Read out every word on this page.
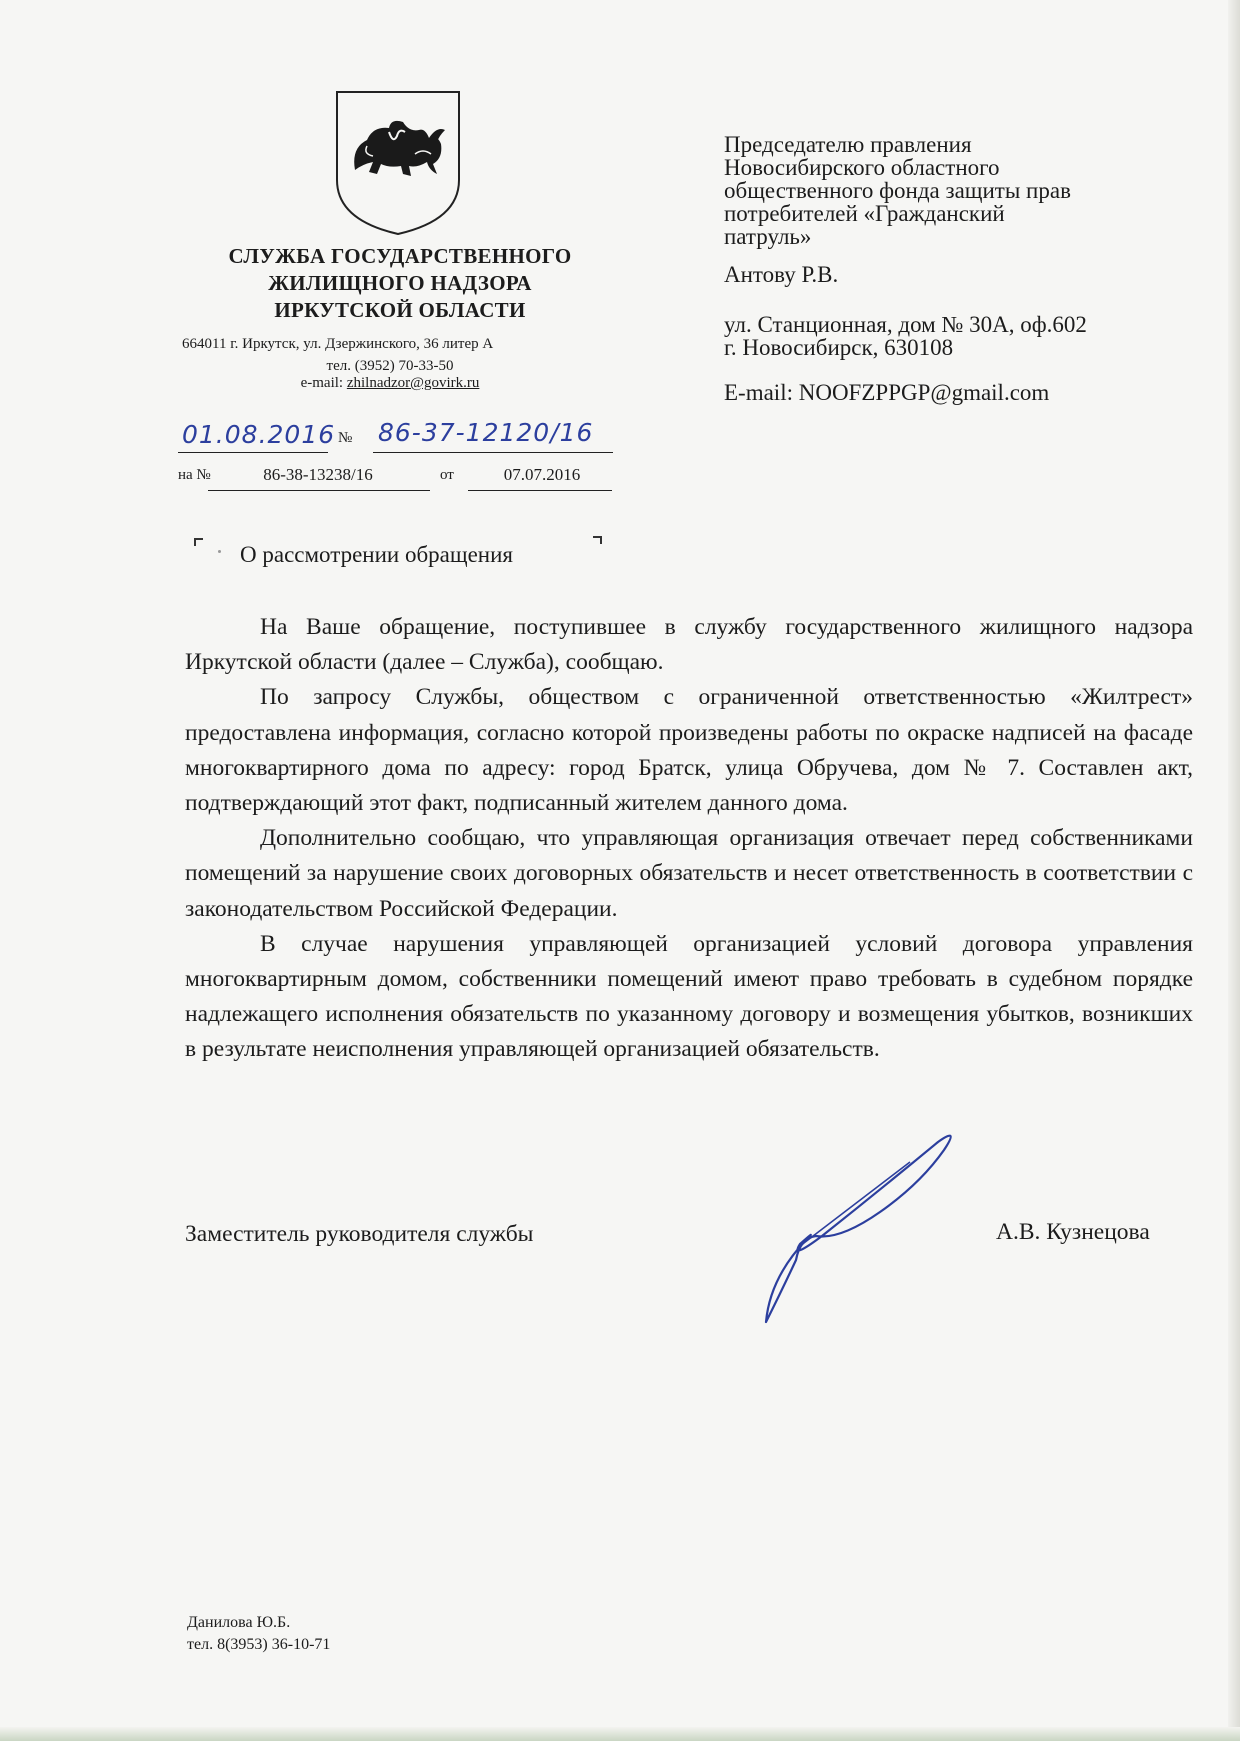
СЛУЖБА ГОСУДАРСТВЕННОГО
ЖИЛИЩНОГО НАДЗОРА
ИРКУТСКОЙ ОБЛАСТИ
664011 г. Иркутск, ул. Дзержинского, 36 литер А
тел. (3952) 70-33-50
e-mail: zhilnadzor@govirk.ru
01.08.2016 № 86-37-12120/16
на №	86-38-13238/16	от	07.07.2016
Председателю правления
Новосибирского областного
общественного фонда защиты прав
потребителей «Гражданский
патруль»
Антову Р.В.
ул. Станционная, дом № 30А, оф.602
г. Новосибирск, 630108
E-mail: NOOFZPPGP@gmail.com
О рассмотрении обращения

На Ваше обращение, поступившее в службу государственного жилищного надзора Иркутской области (далее – Служба), сообщаю.

По запросу Службы, обществом с ограниченной ответственностью «Жилтрест» предоставлена информация, согласно которой произведены работы по окраске надписей на фасаде многоквартирного дома по адресу: город Братск, улица Обручева, дом № 7. Составлен акт, подтверждающий этот факт, подписанный жителем данного дома.

Дополнительно сообщаю, что управляющая организация отвечает перед собственниками помещений за нарушение своих договорных обязательств и несет ответственность в соответствии с законодательством Российской Федерации.

В случае нарушения управляющей организацией условий договора управления многоквартирным домом, собственники помещений имеют право требовать в судебном порядке надлежащего исполнения обязательств по указанному договору и возмещения убытков, возникших в результате неисполнения управляющей организацией обязательств.

Заместитель руководителя службы	А.В. Кузнецова
Данилова Ю.Б.
тел. 8(3953) 36-10-71
